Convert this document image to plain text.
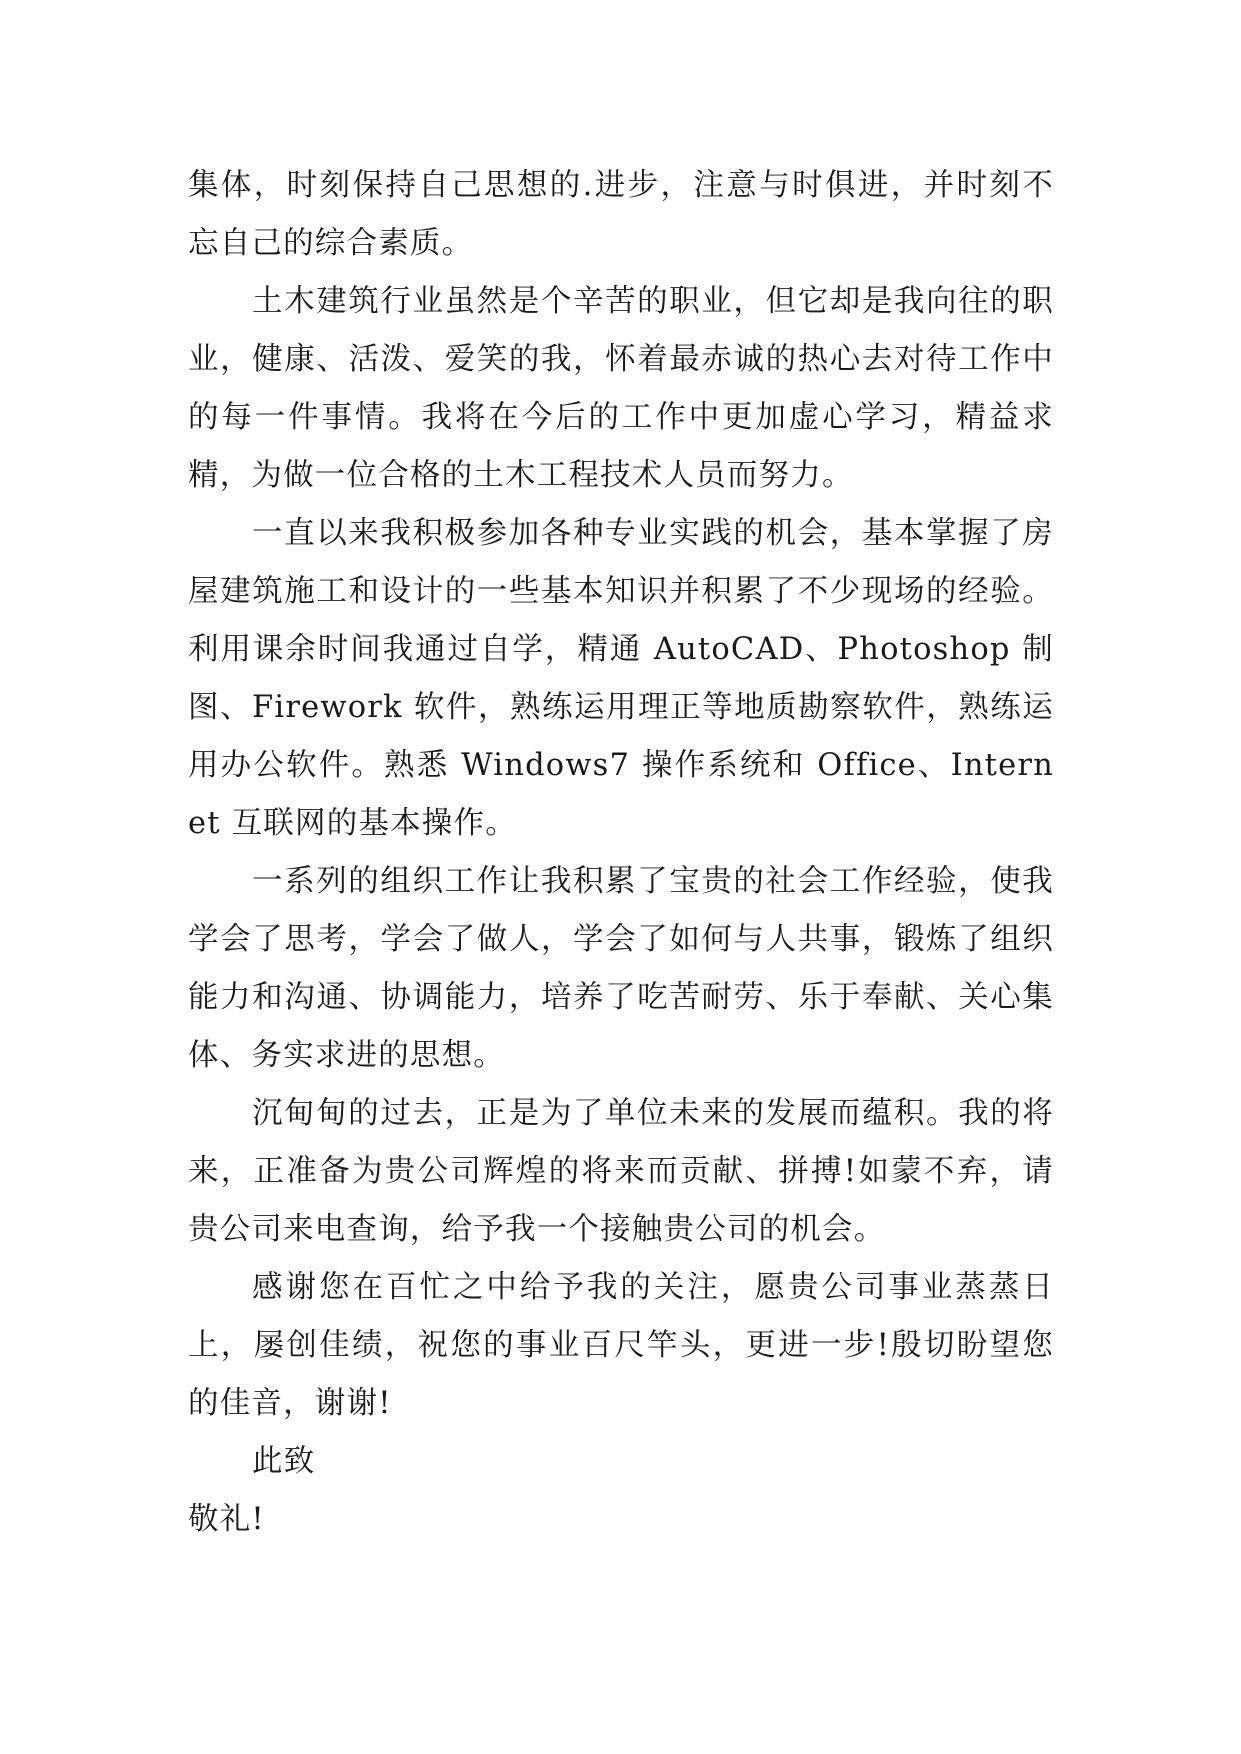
集体，时刻保持自己思想的.进步，注意与时俱进，并时刻不忘自己的综合素质。

土木建筑行业虽然是个辛苦的职业，但它却是我向往的职业，健康、活泼、爱笑的我，怀着最赤诚的热心去对待工作中的每一件事情。我将在今后的工作中更加虚心学习，精益求精，为做一位合格的土木工程技术人员而努力。

一直以来我积极参加各种专业实践的机会，基本掌握了房屋建筑施工和设计的一些基本知识并积累了不少现场的经验。利用课余时间我通过自学，精通 AutoCAD、Photoshop 制图、Firework 软件，熟练运用理正等地质勘察软件，熟练运用办公软件。熟悉 Windows7 操作系统和 Office、Internet 互联网的基本操作。

一系列的组织工作让我积累了宝贵的社会工作经验，使我学会了思考，学会了做人，学会了如何与人共事，锻炼了组织能力和沟通、协调能力，培养了吃苦耐劳、乐于奉献、关心集体、务实求进的思想。

沉甸甸的过去，正是为了单位未来的发展而蕴积。我的将来，正准备为贵公司辉煌的将来而贡献、拼搏!如蒙不弃，请贵公司来电查询，给予我一个接触贵公司的机会。

感谢您在百忙之中给予我的关注，愿贵公司事业蒸蒸日上，屡创佳绩，祝您的事业百尺竿头，更进一步!殷切盼望您的佳音，谢谢!

此致

敬礼!
